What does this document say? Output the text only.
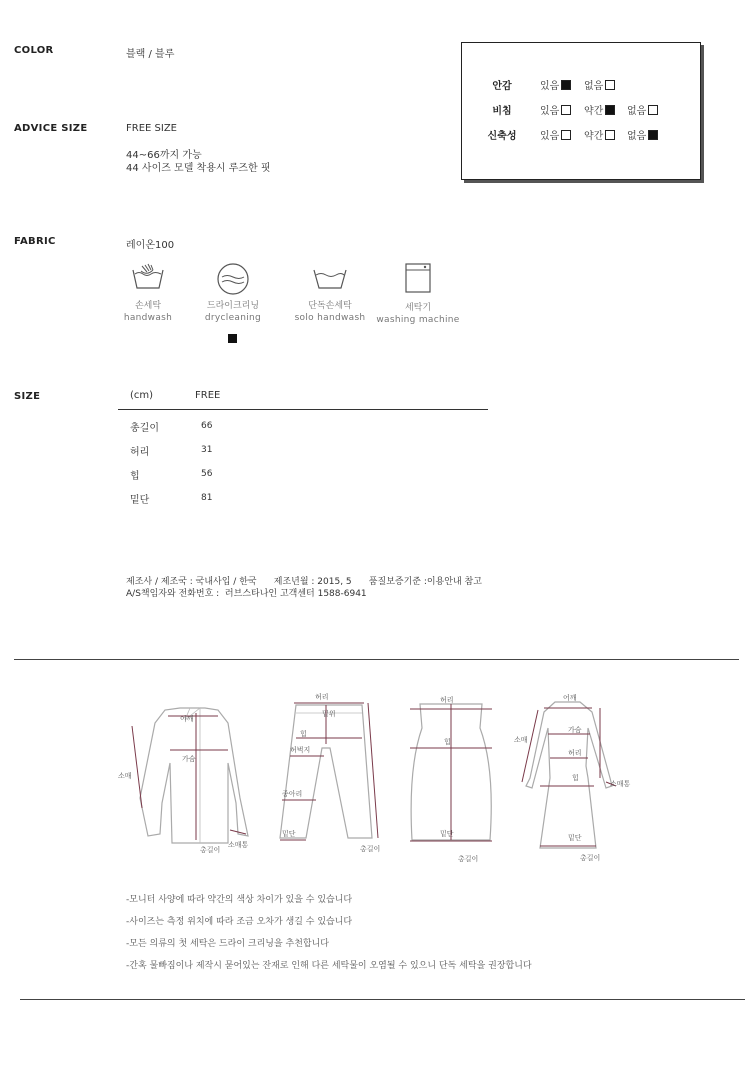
COLOR	블랙 / 블루
ADVICE SIZE	FREE SIZE
44~66까지 가능
44 사이즈 모델 착용시 루즈한 핏
안감	있음	없음
비침	있음	약간	없음
신축성	있음	약간	없음
FABRIC	레이온100
손세탁
handwash
드라이크리닝
drycleaning
단독손세탁
solo handwash
세탁기
washing machine
SIZE	(cm)	FREE
총길이	66
허리	31
힙	56
밑단	81
제조사 / 제조국 : 국내사입 / 한국      제조년월 : 2015, 5      품질보증기준 :이용안내 참고
A/S책임자와 전화번호 :  러브스타나인 고객센터 1588-6941
어깨
가슴
소매
소매통
총길이
허리
밑위
힙
허벅지
종아리
밑단
총길이
허리
힙
밑단
총길이
어깨
가슴
소매
허리
힙
소매통
밑단
총길이
-모니터 사양에 따라 약간의 색상 차이가 있을 수 있습니다
-사이즈는 측정 위치에 따라 조금 오차가 생길 수 있습니다
-모든 의류의 첫 세탁은 드라이 크리닝을 추천합니다
-간혹 물빠짐이나 제작시 묻어있는 잔재로 인해 다른 세탁물이 오염될 수 있으니 단독 세탁을 권장합니다
